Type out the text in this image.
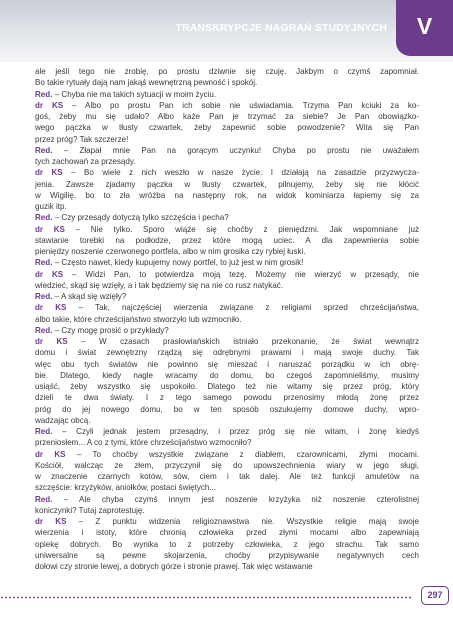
TRANSKRYPCJE NAGRAŃ STUDYJNYCH	V
ale jeśli tego nie zrobię, po prostu dziwnie się czuję. Jakbym o czymś zapomniał.
Bo takie rytuały dają nam jakąś wewnętrzną pewność i spokój.
Red. – Chyba nie ma takich sytuacji w moim życiu.
dr KS – Albo po prostu Pan ich sobie nie uświadamia. Trzyma Pan kciuki za ko-
goś, żeby mu się udało? Albo każe Pan je trzymać za siebie? Je Pan obowiązko-
wego pączka w tłusty czwartek, żeby zapewnić sobie powodzenie? Wita się Pan
przez próg? Tak szczerze!
Red. – Złapał mnie Pan na gorącym uczynku! Chyba po prostu nie uważałem
tych zachowań za przesądy.
dr KS – Bo wiele z nich weszło w nasze życie. I działają na zasadzie przyzwycza-
jenia. Zawsze zjadamy pączka w tłusty czwartek, pilnujemy, żeby się nie kłócić
w Wigilię, bo to zła wróżba na następny rok, na widok kominiarza łapiemy się za
guzik itp.
Red. – Czy przesądy dotyczą tylko szczęścia i pecha?
dr KS – Nie tylko. Sporo wiąże się choćby z pieniędzmi. Jak wspomniane już
stawianie torebki na podłodze, przez które mogą uciec. A dla zapewnienia sobie
pieniędzy noszenie czerwonego portfela, albo w nim grosika czy rybiej łuski.
Red. – Często nawet, kiedy kupujemy nowy portfel, to już jest w nim grosik!
dr KS – Widzi Pan, to potwierdza moją tezę. Możemy nie wierzyć w przesądy, nie
wiedzieć, skąd się wzięły, a i tak będziemy się na nie co rusz natykać.
Red. – A skąd się wzięły?
dr KS – Tak, najczęściej wierzenia związane z religiami sprzed chrześcijaństwa,
albo takie, które chrześcijaństwo stworzyło lub wzmocniło.
Red. – Czy mogę prosić o przykłady?
dr KS – W czasach prasłowiańskich istniało przekonanie, że świat wewnątrz
domu i świat zewnętrzny rządzą się odrębnymi prawami i mają swoje duchy. Tak
więc obu tych światów nie powinno się mieszać i naruszać porządku w ich obrę-
bie. Dlatego, kiedy nagle wracamy do domu, bo czegoś zapomnieliśmy, musimy
usiąść, żeby wszystko się uspokoiło. Dlatego też nie witamy się przez próg, który
dzieli te dwa światy. I z tego samego powodu przenosimy młodą żonę przez
próg do jej nowego domu, bo w ten sposób oszukujemy domowe duchy, wpro-
wadzając obcą.
Red. – Czyli jednak jestem przesądny, i przez próg się nie witam, i żonę kiedyś
przeniosłem... A co z tymi, które chrześcijaństwo wzmocniło?
dr KS – To choćby wszystkie związane z diabłem, czarownicami, złymi mocami.
Kościół, walcząc ze złem, przyczynił się do upowszechnienia wiary w jego sługi,
w znaczenie czarnych kotów, sów, ciem i tak dalej. Ale też funkcji amuletów na
szczęście: krzyżyków, aniołków, postaci świętych...
Red. – Ale chyba czymś innym jest noszenie krzyżyka niż noszenie czterolistnej
koniczynki? Tutaj zaprotestuję.
dr KS – Z punktu widzenia religioznawstwa nie. Wszystkie religie mają swoje
wierzenia i istoty, które chronią człowieka przed złymi mocami albo zapewniają
opiekę dobrych. Bo wynika to z potrzeby człowieka, z jego strachu. Tak samo
uniwersalne są pewne skojarzenia, choćby przypisywanie negatywnych cech
dołowi czy stronie lewej, a dobrych górze i stronie prawej. Tak więc wstawanie
297
